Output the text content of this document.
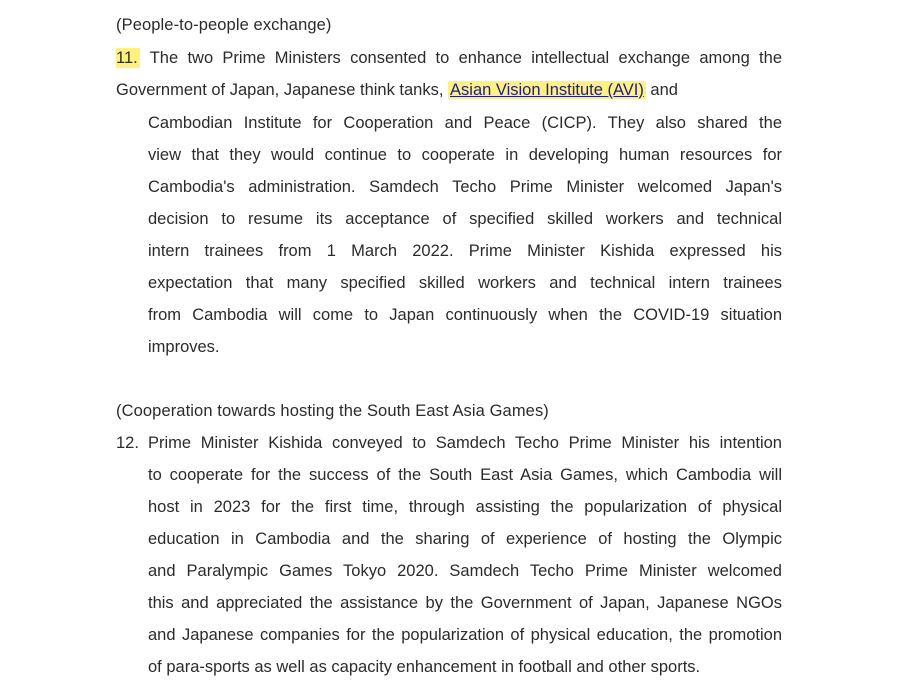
(People-to-people exchange)
11. The two Prime Ministers consented to enhance intellectual exchange among the
Government of Japan, Japanese think tanks, Asian Vision Institute (AVI) and
Cambodian Institute for Cooperation and Peace (CICP). They also shared the
view that they would continue to cooperate in developing human resources for
Cambodia's administration. Samdech Techo Prime Minister welcomed Japan's
decision to resume its acceptance of specified skilled workers and technical
intern trainees from 1 March 2022. Prime Minister Kishida expressed his
expectation that many specified skilled workers and technical intern trainees
from Cambodia will come to Japan continuously when the COVID-19 situation
improves.
(Cooperation towards hosting the South East Asia Games)
12. Prime Minister Kishida conveyed to Samdech Techo Prime Minister his intention
to cooperate for the success of the South East Asia Games, which Cambodia will
host in 2023 for the first time, through assisting the popularization of physical
education in Cambodia and the sharing of experience of hosting the Olympic
and Paralympic Games Tokyo 2020. Samdech Techo Prime Minister welcomed
this and appreciated the assistance by the Government of Japan, Japanese NGOs
and Japanese companies for the popularization of physical education, the promotion
of para-sports as well as capacity enhancement in football and other sports.
